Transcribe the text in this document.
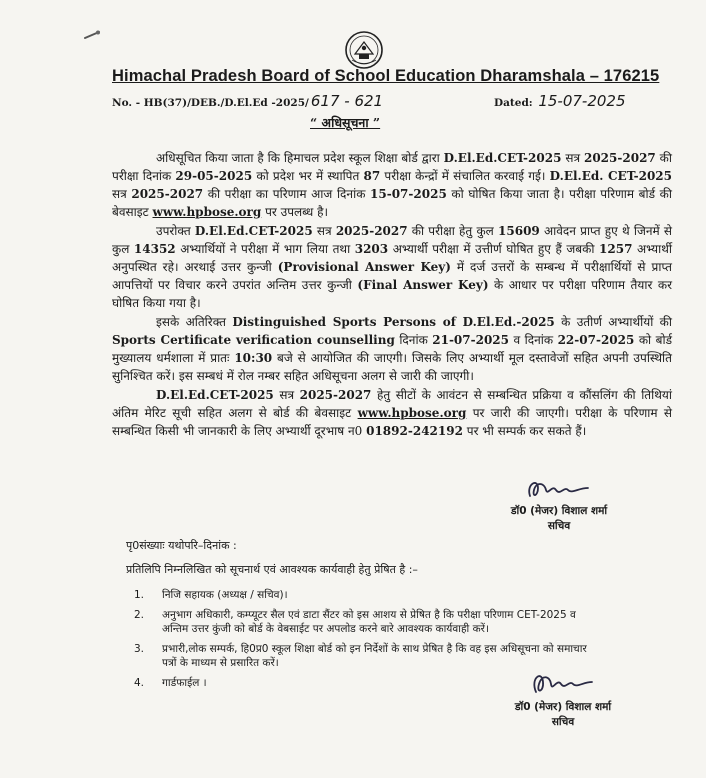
Himachal Pradesh Board of School Education Dharamshala – 176215
No. - HB(37)/DEB./D.El.Ed -2025/ 617 - 621	Dated: 15-07-2025
“ अधिसूचना ”

अधिसूचित किया जाता है कि हिमाचल प्रदेश स्कूल शिक्षा बोर्ड द्वारा D.El.Ed.CET-2025 सत्र 2025-2027 की परीक्षा दिनांक 29-05-2025 को प्रदेश भर में स्थापित 87 परीक्षा केन्द्रों में संचालित करवाई गई। D.El.Ed. CET-2025 सत्र 2025-2027 की परीक्षा का परिणाम आज दिनांक 15-07-2025 को घोषित किया जाता है। परीक्षा परिणाम बोर्ड की बेवसाइट www.hpbose.org पर उपलब्ध है।

उपरोक्त D.El.Ed.CET-2025 सत्र 2025-2027 की परीक्षा हेतु कुल 15609 आवेदन प्राप्त हुए थे जिनमें से कुल 14352 अभ्यार्थियों ने परीक्षा में भाग लिया तथा 3203 अभ्यार्थी परीक्षा में उत्तीर्ण घोषित हुए हैं जबकी 1257 अभ्यार्थी अनुपस्थित रहे। अरथाई उत्तर कुन्जी (Provisional Answer Key) में दर्ज उत्तरों के सम्बन्ध में परीक्षार्थियों से प्राप्त आपत्तियों पर विचार करने उपरांत अन्तिम उत्तर कुन्जी (Final Answer Key) के आधार पर परीक्षा परिणाम तैयार कर घोषित किया गया है।

इसके अतिरिक्त Distinguished Sports Persons of D.El.Ed.-2025 के उतीर्ण अभ्यार्थीयों की Sports Certificate verification counselling दिनांक 21-07-2025 व दिनांक 22-07-2025 को बोर्ड मुख्यालय धर्मशाला में प्रातः 10:30 बजे से आयोजित की जाएगी। जिसके लिए अभ्यार्थी मूल दस्तावेजों सहित अपनी उपस्थिति सुनिश्चित करें। इस सम्बधं में रोल नम्बर सहित अधिसूचना अलग से जारी की जाएगी।

D.El.Ed.CET-2025 सत्र 2025-2027 हेतु सीटों के आवंटन से सम्बन्धित प्रक्रिया व कौंसलिंग की तिथियां अंतिम मेरिट सूची सहित अलग से बोर्ड की बेवसाइट www.hpbose.org पर जारी की जाएगी। परीक्षा के परिणाम से सम्बन्धित किसी भी जानकारी के लिए अभ्यार्थी दूरभाष न0 01892-242192 पर भी सम्पर्क कर सकते हैं।

डॉ0 (मेजर) विशाल शर्मा
सचिव
पृ0संख्याः यथोपरि–दिनांक :
प्रतिलिपि निम्नलिखित को सूचनार्थ एवं आवश्यक कार्यवाही हेतु प्रेषित है :–
1. निजि सहायक (अध्यक्ष / सचिव)।
2. अनुभाग अधिकारी, कम्प्यूटर सैल एवं डाटा सैंटर को इस आशय से प्रेषित है कि परीक्षा परिणाम CET-2025 व अन्तिम उत्तर कुंजी को बोर्ड के वेबसाईट पर अपलोड करने बारे आवश्यक कार्यवाही करें।
3. प्रभारी,लोक सम्पर्क, हि0प्र0 स्कूल शिक्षा बोर्ड को इन निर्देशों के साथ प्रेषित है कि वह इस अधिसूचना को समाचार पत्रों के माध्यम से प्रसारित करें।
4. गार्डफाईल ।
डॉ0 (मेजर) विशाल शर्मा
सचिव
